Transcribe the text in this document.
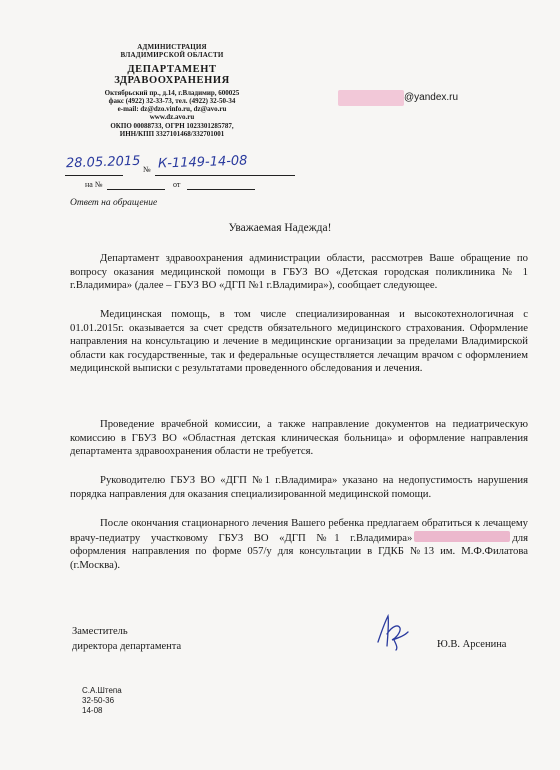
АДМИНИСТРАЦИЯ
ВЛАДИМИРСКОЙ ОБЛАСТИ
ДЕПАРТАМЕНТ
ЗДРАВООХРАНЕНИЯ
Октябрьский пр., д.14, г.Владимир, 600025
факс (4922) 32-33-73, тел. (4922) 32-50-34
e-mail: dz@dzo.vinfo.ru, dz@avo.ru
www.dz.avo.ru
ОКПО 00088733, ОГРН 1023301285787,
ИНН/КПП 3327101468/332701001
28.05.2015 К-1149-14-08
№
на №	от
Ответ на обращение
@yandex.ru
Уважаемая Надежда!
Департамент здравоохранения администрации области, рассмотрев Ваше обращение по вопросу оказания медицинской помощи в ГБУЗ ВО «Детская городская поликлиника № 1 г.Владимира» (далее – ГБУЗ ВО «ДГП №1 г.Владимира»), сообщает следующее.
Медицинская помощь, в том числе специализированная и высокотехнологичная с 01.01.2015г. оказывается за счет средств обязательного медицинского страхования. Оформление направления на консультацию и лечение в медицинские организации за пределами Владимирской области как государственные, так и федеральные осуществляется лечащим врачом с оформлением медицинской выписки с результатами проведенного обследования и лечения.
Проведение врачебной комиссии, а также направление документов на педиатрическую комиссию в ГБУЗ ВО «Областная детская клиническая больница» и оформление направления департамента здравоохранения области не требуется.
Руководителю ГБУЗ ВО «ДГП №1 г.Владимира» указано на недопустимость нарушения порядка направления для оказания специализированной медицинской помощи.
После окончания стационарного лечения Вашего ребенка предлагаем обратиться к лечащему врачу-педиатру участковому ГБУЗ ВО «ДГП №1 г.Владимира»	для оформления направления по форме 057/у для консультации в ГДКБ №13 им. М.Ф.Филатова (г.Москва).
Заместитель
директора департамента	Ю.В. Арсенина
С.А.Штепа
32-50-36
14-08
